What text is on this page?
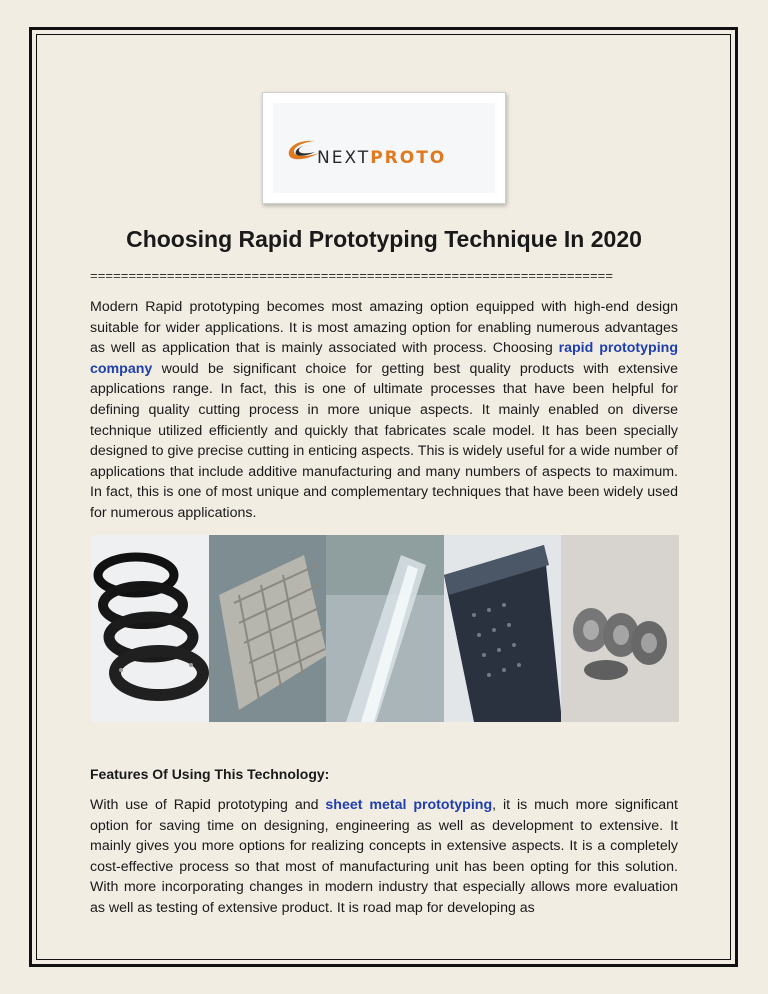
NEXTPROTO
Choosing Rapid Prototyping Technique In 2020
====================================================================

Modern Rapid prototyping becomes most amazing option equipped with high-end design suitable for wider applications. It is most amazing option for enabling numerous advantages as well as application that is mainly associated with process. Choosing rapid prototyping company would be significant choice for getting best quality products with extensive applications range. In fact, this is one of ultimate processes that have been helpful for defining quality cutting process in more unique aspects. It mainly enabled on diverse technique utilized efficiently and quickly that fabricates scale model. It has been specially designed to give precise cutting in enticing aspects. This is widely useful for a wide number of applications that include additive manufacturing and many numbers of aspects to maximum. In fact, this is one of most unique and complementary techniques that have been widely used for numerous applications.

Features Of Using This Technology:

With use of Rapid prototyping and sheet metal prototyping, it is much more significant option for saving time on designing, engineering as well as development to extensive. It mainly gives you more options for realizing concepts in extensive aspects. It is a completely cost-effective process so that most of manufacturing unit has been opting for this solution. With more incorporating changes in modern industry that especially allows more evaluation as well as testing of extensive product. It is road map for developing as
